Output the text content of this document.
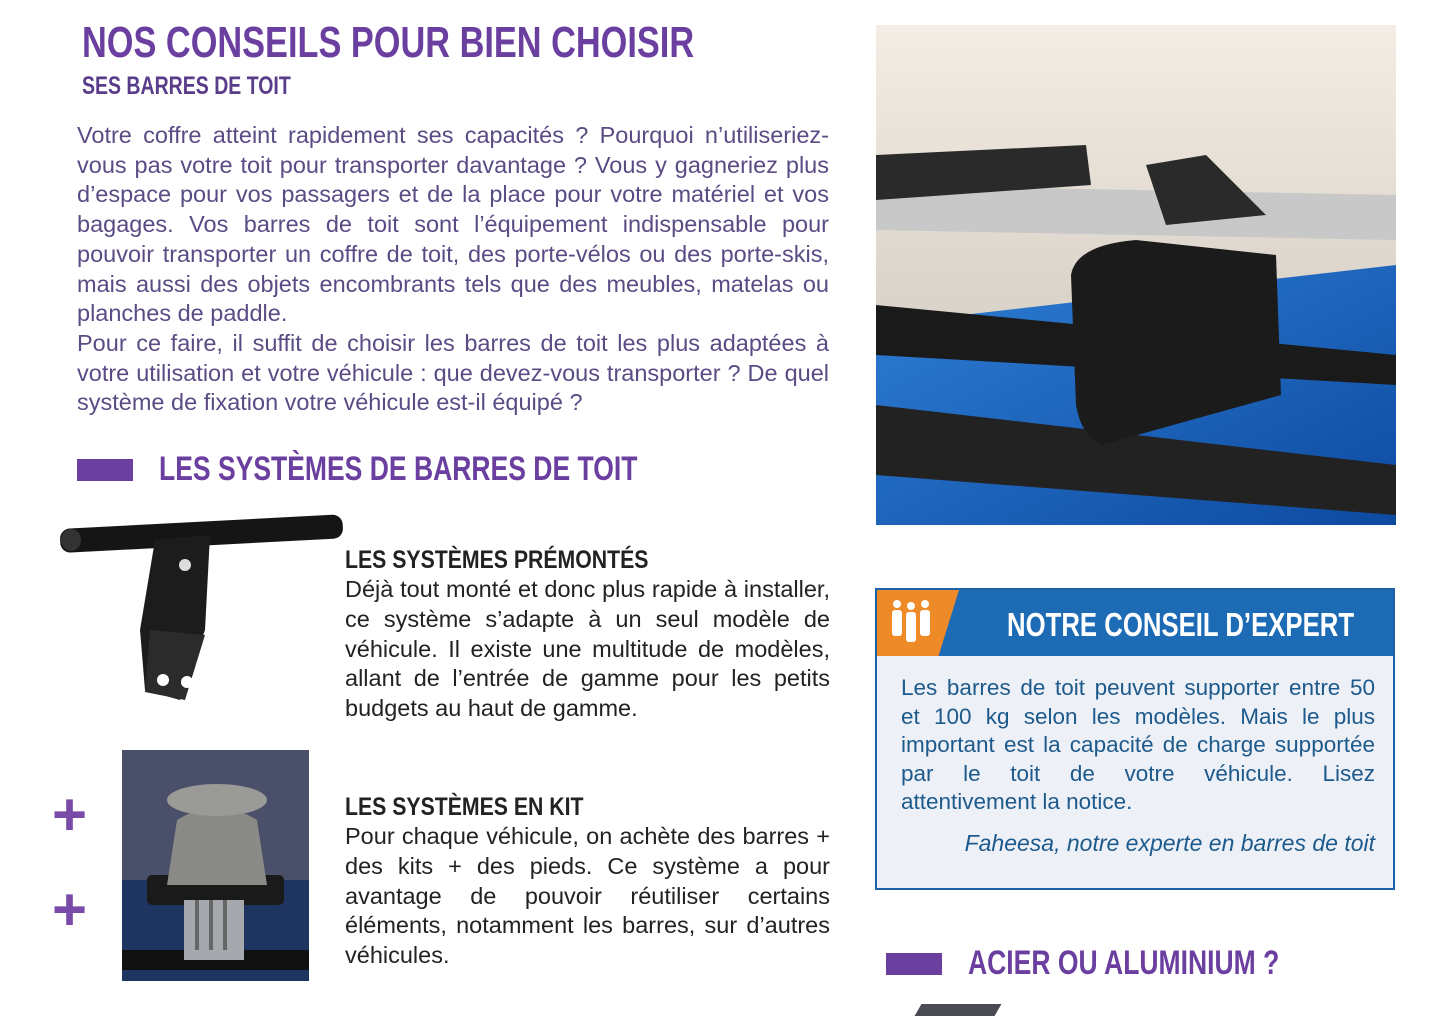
NOS CONSEILS POUR BIEN CHOISIR
SES BARRES DE TOIT

Votre coffre atteint rapidement ses capacités ? Pourquoi n’utiliseriez-vous pas votre toit pour transporter davantage ? Vous y gagneriez plus d’espace pour vos passagers et de la place pour votre matériel et vos bagages. Vos barres de toit sont l’équipement indispensable pour pouvoir transporter un coffre de toit, des porte-vélos ou des porte-skis, mais aussi des objets encombrants tels que des meubles, matelas ou planches de paddle.

Pour ce faire, il suffit de choisir les barres de toit les plus adaptées à votre utilisation et votre véhicule : que devez-vous transporter ? De quel système de fixation votre véhicule est-il équipé ?

LES SYSTÈMES DE BARRES DE TOIT
LES SYSTÈMES PRÉMONTÉS

Déjà tout monté et donc plus rapide à installer, ce système s’adapte à un seul modèle de véhicule. Il existe une multitude de modèles, allant de l’entrée de gamme pour les petits budgets au haut de gamme.

+
+
LES SYSTÈMES EN KIT

Pour chaque véhicule, on achète des barres + des kits + des pieds. Ce système a pour avantage de pouvoir réutiliser certains éléments, notamment les barres, sur d’autres véhicules.

NOTRE CONSEIL D’EXPERT

Les barres de toit peuvent supporter entre 50 et 100 kg selon les modèles. Mais le plus important est la capacité de charge supportée par le toit de votre véhicule. Lisez attentivement la notice.

Faheesa, notre experte en barres de toit
ACIER OU ALUMINIUM ?
